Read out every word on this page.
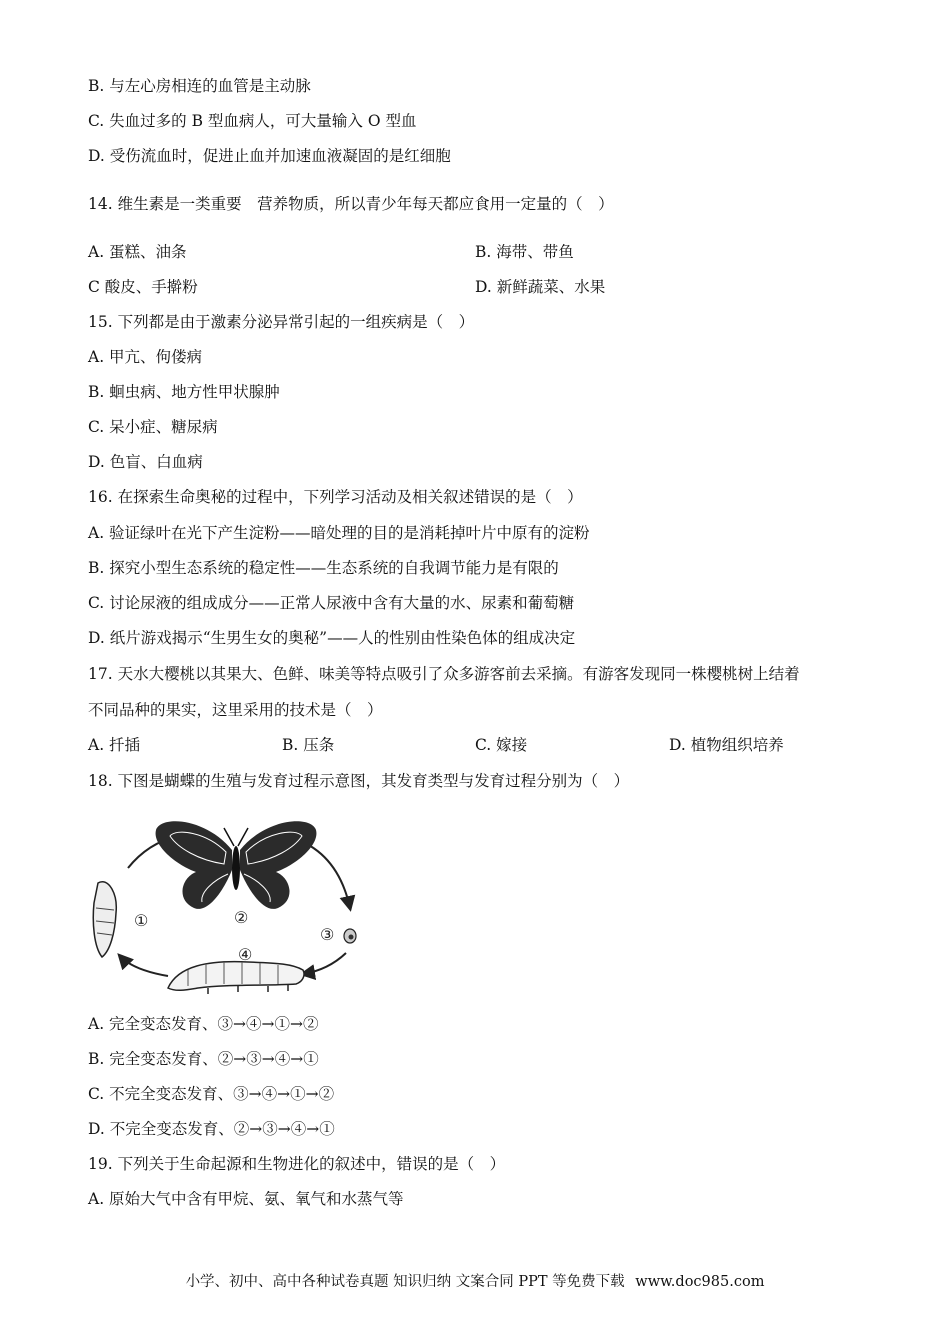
B. 与左心房相连的血管是主动脉
C. 失血过多的 B 型血病人，可大量输入 O 型血
D. 受伤流血时，促进止血并加速血液凝固的是红细胞
14. 维生素是一类重要　营养物质，所以青少年每天都应食用一定量的（　）
A. 蛋糕、油条	B. 海带、带鱼
C 酸皮、手擀粉	D. 新鲜蔬菜、水果
15. 下列都是由于激素分泌异常引起的一组疾病是（　）
A. 甲亢、佝偻病
B. 蛔虫病、地方性甲状腺肿
C. 呆小症、糖尿病
D. 色盲、白血病
16. 在探索生命奥秘的过程中，下列学习活动及相关叙述错误的是（　）
A. 验证绿叶在光下产生淀粉——暗处理的目的是消耗掉叶片中原有的淀粉
B. 探究小型生态系统的稳定性——生态系统的自我调节能力是有限的
C. 讨论尿液的组成成分——正常人尿液中含有大量的水、尿素和葡萄糖
D. 纸片游戏揭示“生男生女的奥秘”——人的性别由性染色体的组成决定
17. 天水大樱桃以其果大、色鲜、味美等特点吸引了众多游客前去采摘。有游客发现同一株樱桃树上结着
不同品种的果实，这里采用的技术是（　）
A. 扦插	B. 压条	C. 嫁接	D. 植物组织培养
18. 下图是蝴蝶的生殖与发育过程示意图，其发育类型与发育过程分别为（　）
①	②
③
④
A. 完全变态发育、③→④→①→②
B. 完全变态发育、②→③→④→①
C. 不完全变态发育、③→④→①→②
D. 不完全变态发育、②→③→④→①
19. 下列关于生命起源和生物进化的叙述中，错误的是（　）
A. 原始大气中含有甲烷、氨、氧气和水蒸气等
小学、初中、高中各种试卷真题 知识归纳 文案合同 PPT 等免费下载 www.doc985.com
